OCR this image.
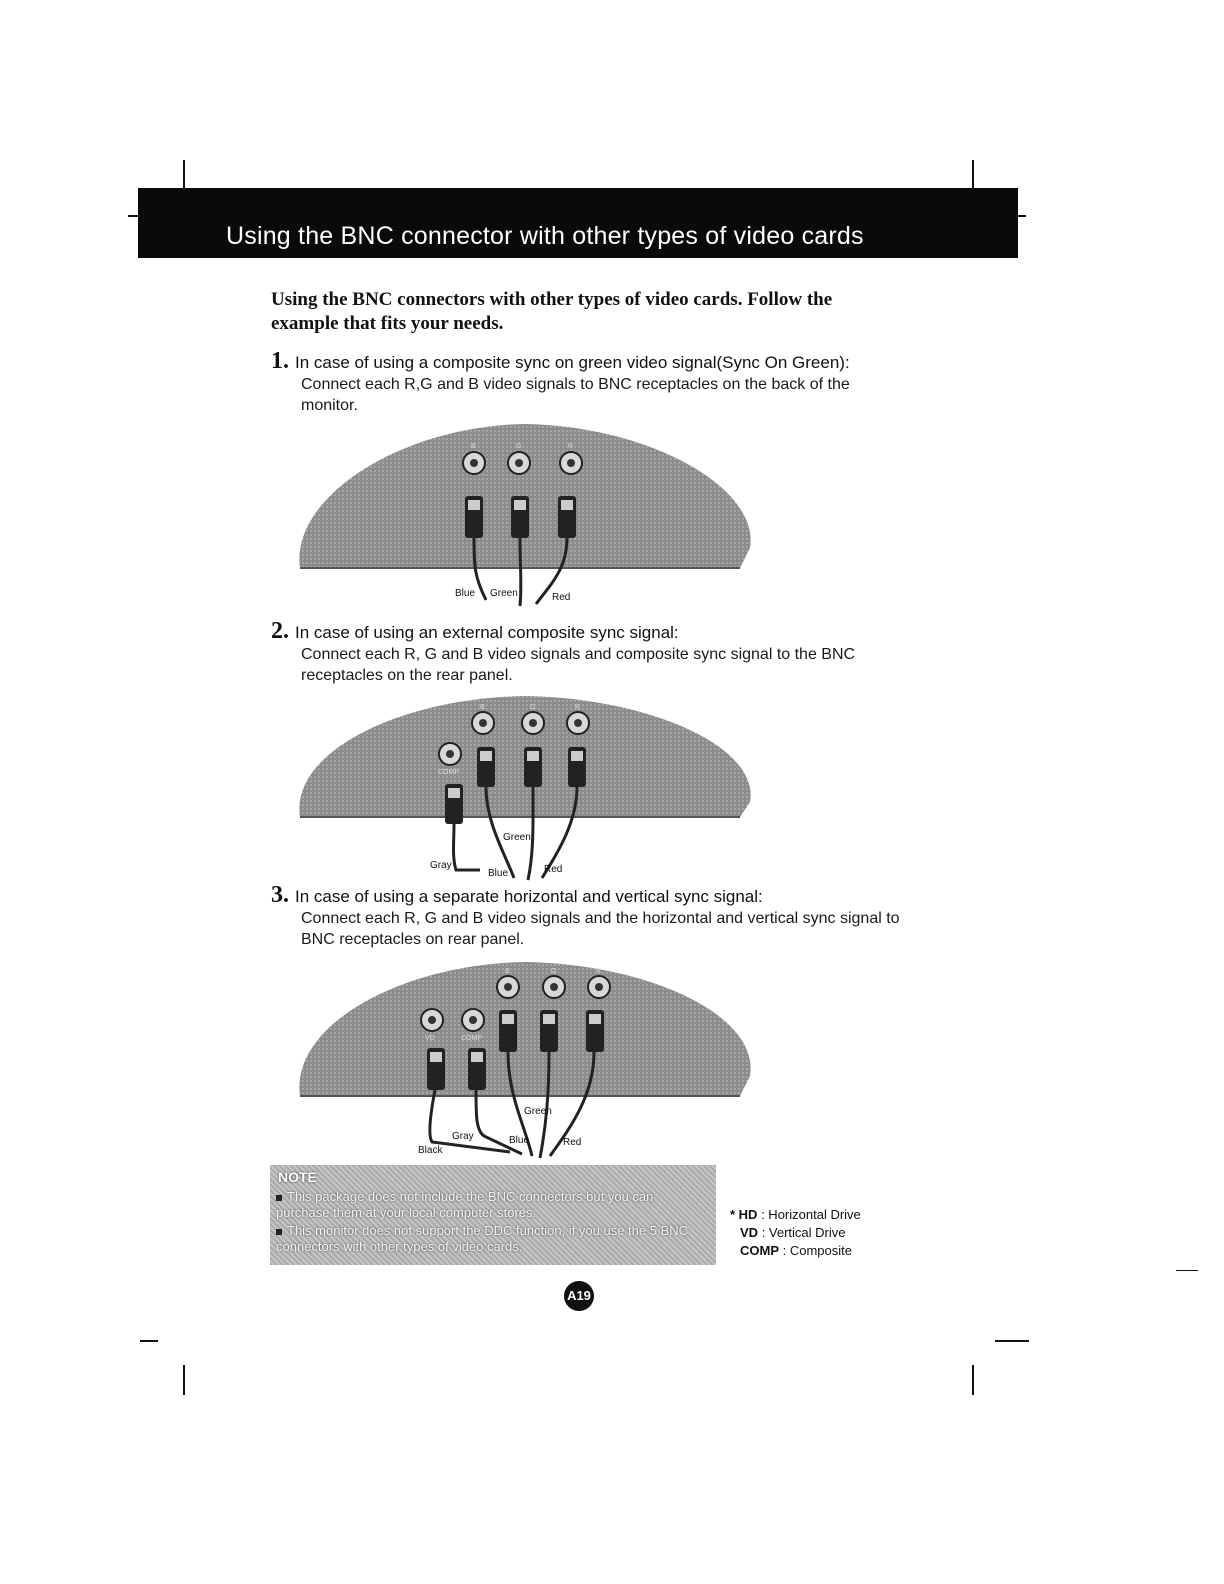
Using the BNC connector with other types of video cards
Using the BNC connectors with other types of video cards. Follow the example that fits your needs.
1. In case of using a composite sync on green video signal(Sync On Green):
Connect each R,G and B video signals to BNC receptacles on the back of the monitor.
B	G	R
Blue Green	Red
2. In case of using an external composite sync signal:
Connect each R, G and B video signals and composite sync signal to the BNC receptacles on the rear panel.
B	G	R
COMP
Gray
Blue
Green
Red
3. In case of using a separate horizontal and vertical sync signal:
Connect each R, G and B video signals and the horizontal and vertical sync signal to BNC receptacles on rear panel.
B	G	R
VD	COMP
Black
Gray	Blue
Green
Red
NOTE
This package does not include the BNC connectors but you can purchase them at your local computer stores.
This monitor does not support the DDC function, if you use the 5 BNC connectors with other types of video cards.
* HD : Horizontal Drive
VD : Vertical Drive
COMP : Composite
A19
